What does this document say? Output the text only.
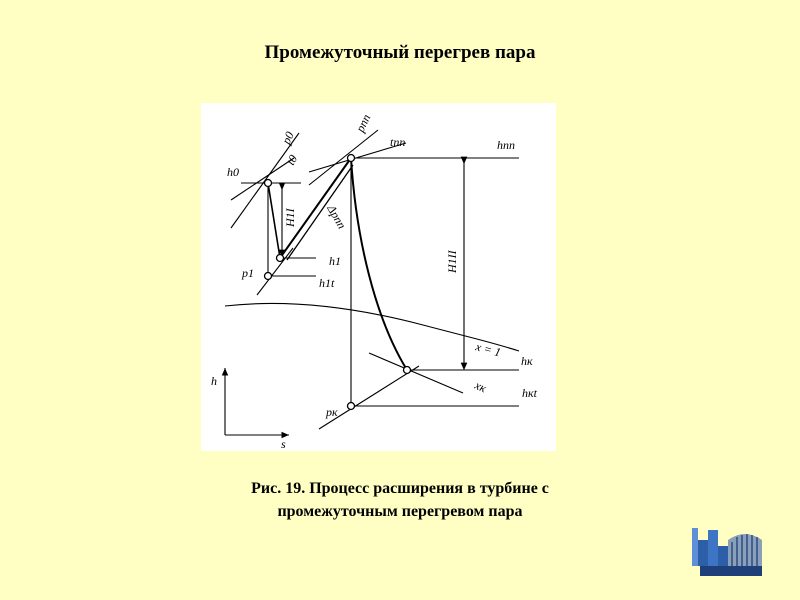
Промежуточный перегрев пара
h0
p0
t0
pпп
tпп	hпп
H1I Δpпп
H1II
h1
h1t
p1
x = 1
hк
xк	hкt
pк
h
s
Рис. 19. Процесс расширения в турбине с
промежуточным перегревом пара
